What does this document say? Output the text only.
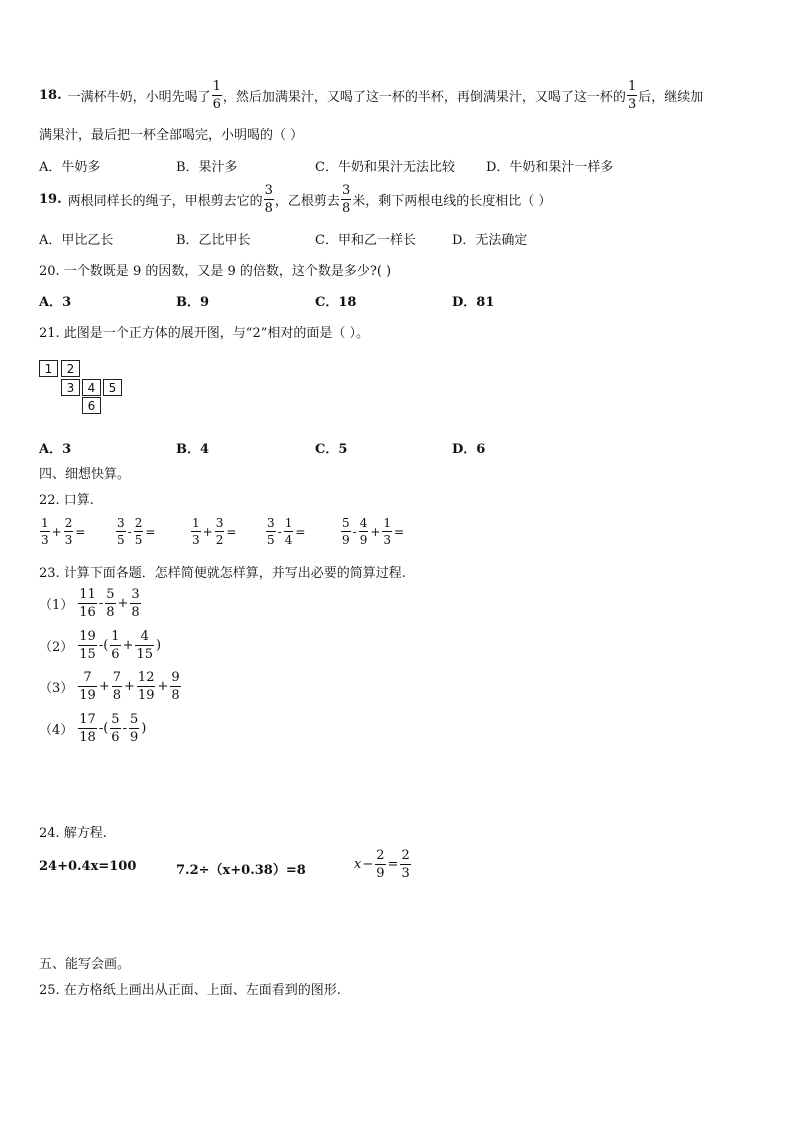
18. 一满杯牛奶，小明先喝了 $\frac{1}{6}$ ，然后加满果汁，又喝了这一杯的半杯，再倒满果汁，又喝了这一杯的 $\frac{1}{3}$ 后，继续加
满果汁，最后把一杯全部喝完，小明喝的（ ）
A．牛奶多	B．果汁多	C．牛奶和果汁无法比较 D．牛奶和果汁一样多
19. 两根同样长的绳子，甲根剪去它的 $\frac{3}{8}$ ，乙根剪去 $\frac{3}{8}$ 米，剩下两根电线的长度相比（ ）
A．甲比乙长	B．乙比甲长	C．甲和乙一样长	D．无法确定
20. 一个数既是 9 的因数，又是 9 的倍数，这个数是多少?( )
A．3	B．9	C．18	D．81
21. 此图是一个正方体的展开图，与“2”相对的面是（ ）。
1	2
3	4	5
6
A．3	B．4	C．5	D．6
四、细想快算。
22. 口算.
$\frac{1}{3} + \frac{2}{3}$ =	$\frac{3}{5} - \frac{2}{5}$ =	$\frac{1}{3} + \frac{3}{2} = \frac{3}{5} - \frac{1}{4}$ =	$\frac{5}{9} - \frac{4}{9} + \frac{1}{3}$ =
23. 计算下面各题．怎样简便就怎样算，并写出必要的简算过程.
$(1) \frac{11}{16} - \frac{5}{8} + \frac{3}{8}$
$(2) \frac{19}{15}$ -( $\frac{1}{6} + \frac{4}{15}$ )
$(3) \frac{7}{19} + \frac{7}{8} + \frac{12}{19} + \frac{9}{8}$
$(4) \frac{17}{18}$ -( $\frac{5}{6} - \frac{5}{9}$ )
24. 解方程.
24+0.4x=100	7.2÷（x+0.38）=8	$x - \frac{2}{9} = \frac{2}{3}$
五、能写会画。
25. 在方格纸上画出从正面、上面、左面看到的图形.
